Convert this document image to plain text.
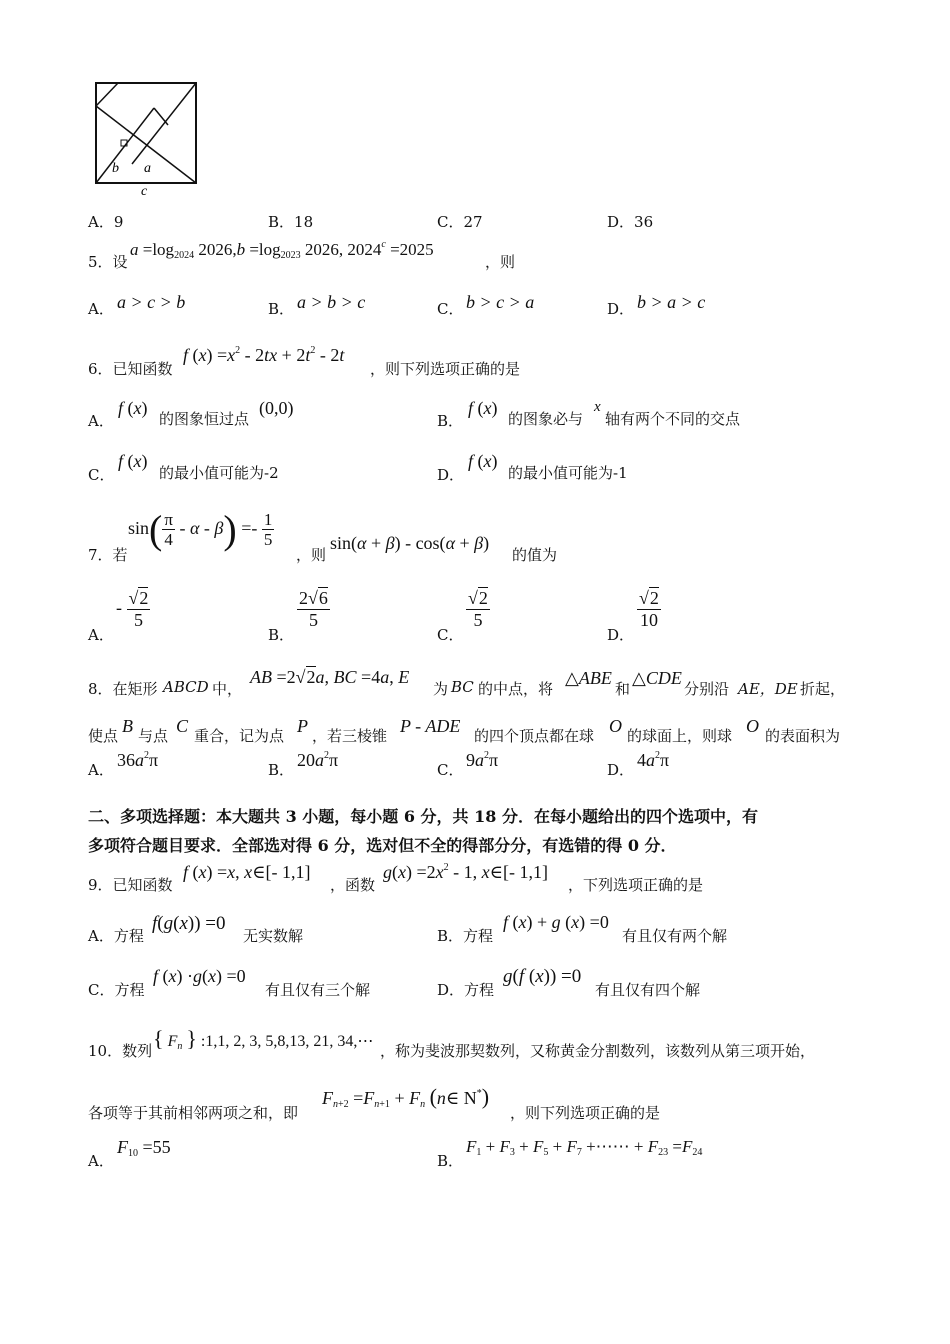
b a
c
A．9	B．18	C．27	D．36
5．设
$a =\log_{2024}$ $2026,b =\log_{2023}$ 2026, $2024^c =2025$
，则
A． a > c > b	B． a > b > c	C． b > c > a	D． b > a > c
6．已知函数
f $(x) =x^2 - 2tx + 2t^2 - 2t$
，则下列选项正确的是
A．
f (x)
的图象恒过点
(0,0)
B．
f (x)
的图象必与
x
轴有两个不同的交点
C．
f (x)
的最小值可能为-2	D．
f (x)
的最小值可能为-1
7．若
$\sin( \frac{\pi}{4} - \alpha - \beta) =- \frac{1}{5}$
，则
sin(α + β) - cos(α + β)
的值为
A．
- $\frac{√2}{5}$
B．
$\frac{2√6}{5}$
C．
$\frac{√2}{5}$
D．
$\frac{√2}{10}$
8．在矩形 ABCD 中，
AB =2√2a, BC =4a, E
为 BC 的中点，将
△ABE
和
△CDE
分别沿 AE，DE 折起，
使点 B 与点 C 重合，记为点 P ，若三棱锥 P - ADE 的四个顶点都在球 O 的球面上，则球 O 的表面积为
A． $36a^2\pi$	B． $20a^2\pi$	C． $9a^2\pi$	D． $4a^2\pi$
二、多项选择题：本大题共 3 小题，每小题 6 分，共 18 分．在每小题给出的四个选项中，有
多项符合题目要求．全部选对得 6 分，选对但不全的得部分分，有选错的得 0 分．
9．已知函数
f (x) =x, x∈[- 1,1]
，函数
$g(x) =2x^2 - 1$, x∈[- 1,1]
，下列选项正确的是
A．方程
f(g(x)) =0
无实数解	B．方程
f (x) + g (x) =0
有且仅有两个解
C．方程
f (x) ·g(x) =0
有且仅有三个解	D．方程
g(f (x)) =0
有且仅有四个解
10．数列 { $F_n$ } :1,1, 2, 3, 5,8,13, 21, 34,⋯
，称为斐波那契数列，又称黄金分割数列，该数列从第三项开始，
各项等于其前相邻两项之和，即
$F_{n+2} =F_{n+1} + F_n$ (n∈ N*)
，则下列选项正确的是
A．
$F_{10} =55$
B．
$F_1 + F_3 + F_5 + F_7$ +⋯⋯ + $F_{23} =F_{24}$
